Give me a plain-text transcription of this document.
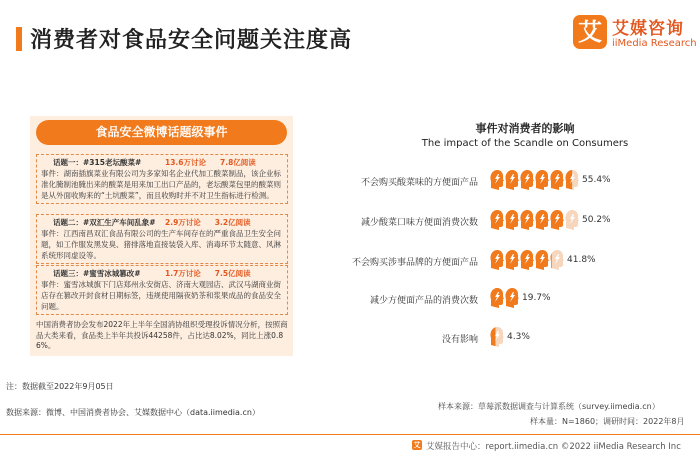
消费者对食品安全问题关注度高	艾 艾媒咨询
iiMedia Research
食品安全微博话题级事件
话题一：#315老坛酸菜#	13.6万讨论 7.8亿阅读
事件：湖南插旗菜业有限公司为多家知名企业代加工酸菜制品，该企业标准化腌制池腌出来的酸菜是用来加工出口产品的，老坛酸菜包里的酸菜则是从外面收购来的“土坑酸菜”，而且收购时并不对卫生指标进行检测。
话题二：#双汇生产车间乱象#	2.9万讨论 3.2亿阅读
事件：江西南昌双汇食品有限公司的生产车间存在的严重食品卫生安全问题，如工作服发黑发臭、猪排落地直接装袋入库、消毒环节太随意、风淋系统形同虚设等。
话题三：#蜜雪冰城篡改#	1.7万讨论 7.5亿阅读
事件：蜜雪冰城旗下门店郑州永安街店、济南大观园店、武汉马湖商业街店存在篡改开封食材日期标签，违规使用隔夜奶茶和浆果成品的食品安全问题。
中国消费者协会发布2022年上半年全国消协组织受理投诉情况分析，按照商品大类来看，食品类上半年共投诉44258件，占比达8.02%，同比上涨0.86%。
注：数据截至2022年9月05日
数据来源：微博、中国消费者协会、艾媒数据中心（data.iimedia.cn）
事件对消费者的影响
The impact of the Scandle on Consumers
不会购买酸菜味的方便面产品	55.4%
减少酸菜口味方便面消费次数	50.2%
不会购买涉事品牌的方便面产品	41.8%
减少方便面产品的消费次数	19.7%
没有影响	4.3%
样本来源：草莓派数据调查与计算系统（survey.iimedia.cn）
样本量：N=1860；调研时间：2022年8月
艾 艾媒报告中心：report.iimedia.cn ©2022 iiMedia Research Inc
